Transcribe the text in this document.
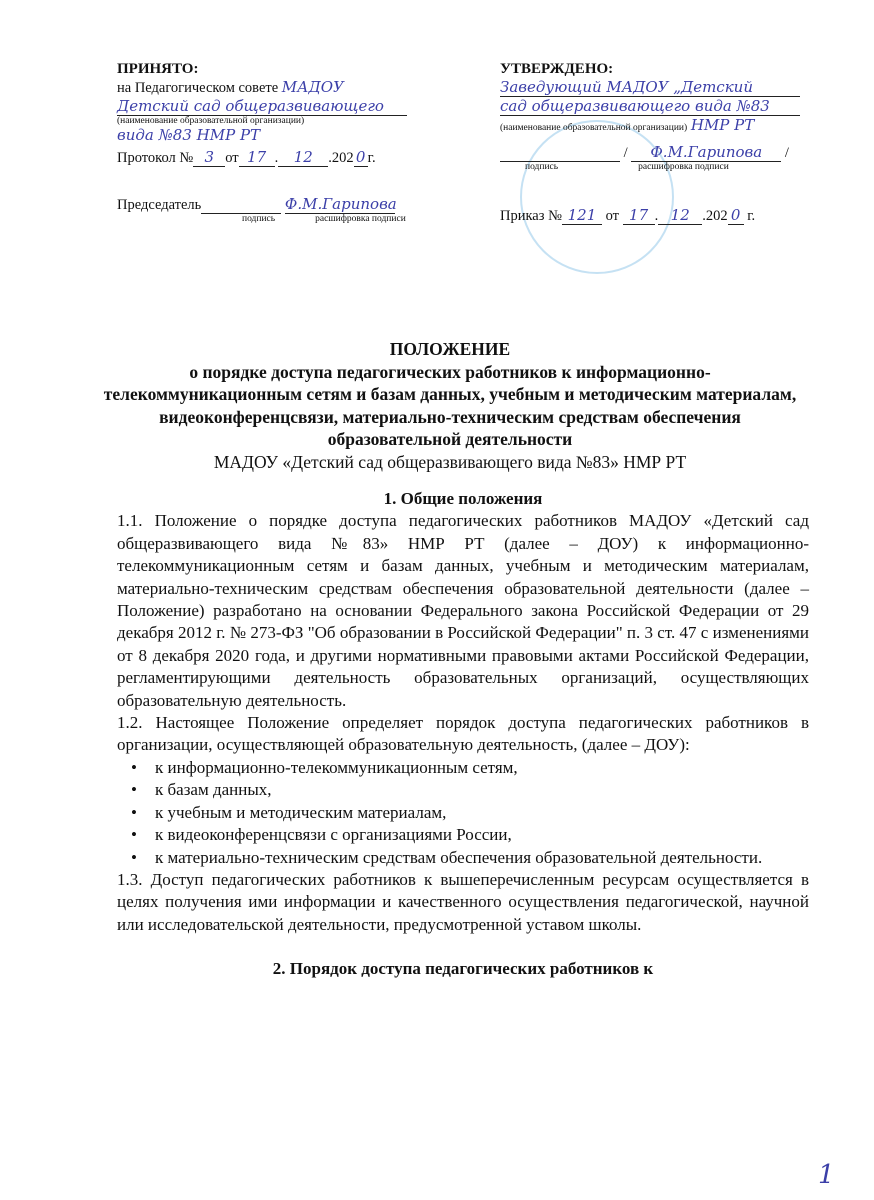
ПРИНЯТО:
на Педагогическом совете МАДОУ
Детский сад общеразвивающего
(наименование образовательной организации)
вида №83 НМР РТ
Протокол № 3 от 17 . 12 .202 0 г.
Председатель	Ф.М.Гарипова
подпись	расшифровка подписи
УТВЕРЖДЕНО:
Заведующий МАДОУ „Детский сад общеразвивающего вида №83
(наименование образовательной организации) НМР РТ
/ Ф.М.Гарипова /
подпись	расшифровка подписи
Приказ № 121 от 17 . 12 .202 0 г.
ПОЛОЖЕНИЕ
о порядке доступа педагогических работников к информационно-телекоммуникационным сетям и базам данных, учебным и методическим материалам, видеоконференцсвязи, материально-техническим средствам обеспечения образовательной деятельности
МАДОУ «Детский сад общеразвивающего вида №83» НМР РТ
1. Общие положения

1.1. Положение о порядке доступа педагогических работников МАДОУ «Детский сад общеразвивающего вида №83» НМР РТ (далее – ДОУ) к информационно-телекоммуникационным сетям и базам данных, учебным и методическим материалам, материально-техническим средствам обеспечения образовательной деятельности (далее – Положение) разработано на основании Федерального закона Российской Федерации от 29 декабря 2012 г. № 273-ФЗ "Об образовании в Российской Федерации" п. 3 ст. 47 с изменениями от 8 декабря 2020 года, и другими нормативными правовыми актами Российской Федерации, регламентирующими деятельность образовательных организаций, осуществляющих образовательную деятельность.

1.2. Настоящее Положение определяет порядок доступа педагогических работников в организации, осуществляющей образовательную деятельность, (далее – ДОУ):

• к информационно-телекоммуникационным сетям,
• к базам данных,
• к учебным и методическим материалам,
• к видеоконференцсвязи с организациями России,
• к материально-техническим средствам обеспечения образовательной деятельности.

1.3. Доступ педагогических работников к вышеперечисленным ресурсам осуществляется в целях получения ими информации и качественного осуществления педагогической, научной или исследовательской деятельности, предусмотренной уставом школы.

2. Порядок доступа педагогических работников к
1
